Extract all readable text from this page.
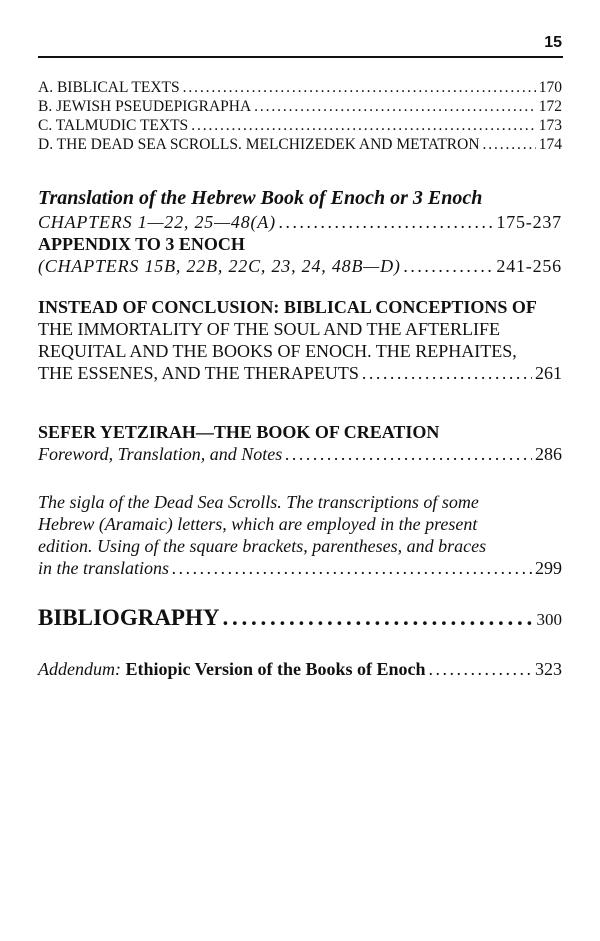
15
A. BIBLICAL TEXTS . . .	170
B. JEWISH PSEUDEPIGRAPHA . . .	172
C. TALMUDIC TEXTS . . .	173
D. THE DEAD SEA SCROLLS. MELCHIZEDEK AND METATRON . . .	174
Translation of the Hebrew Book of Enoch or 3 Enoch
CHAPTERS 1—22, 25—48(A) . . .	175-237
APPENDIX TO 3 ENOCH
(CHAPTERS 15B, 22B, 22C, 23, 24, 48B—D) . . .	241-256
INSTEAD OF CONCLUSION: BIBLICAL CONCEPTIONS OF
THE IMMORTALITY OF THE SOUL AND THE AFTERLIFE
REQUITAL AND THE BOOKS OF ENOCH. THE REPHAITES,
THE ESSENES, AND THE THERAPEUTS . . .	261
SEFER YETZIRAH—THE BOOK OF CREATION
Foreword, Translation, and Notes . . .	286
The sigla of the Dead Sea Scrolls. The transcriptions of some
Hebrew (Aramaic) letters, which are employed in the present
edition. Using of the square brackets, parentheses, and braces
in the translations . . .	299
BIBLIOGRAPHY . . .	300
Addendum: Ethiopic Version of the Books of Enoch . . .	323
